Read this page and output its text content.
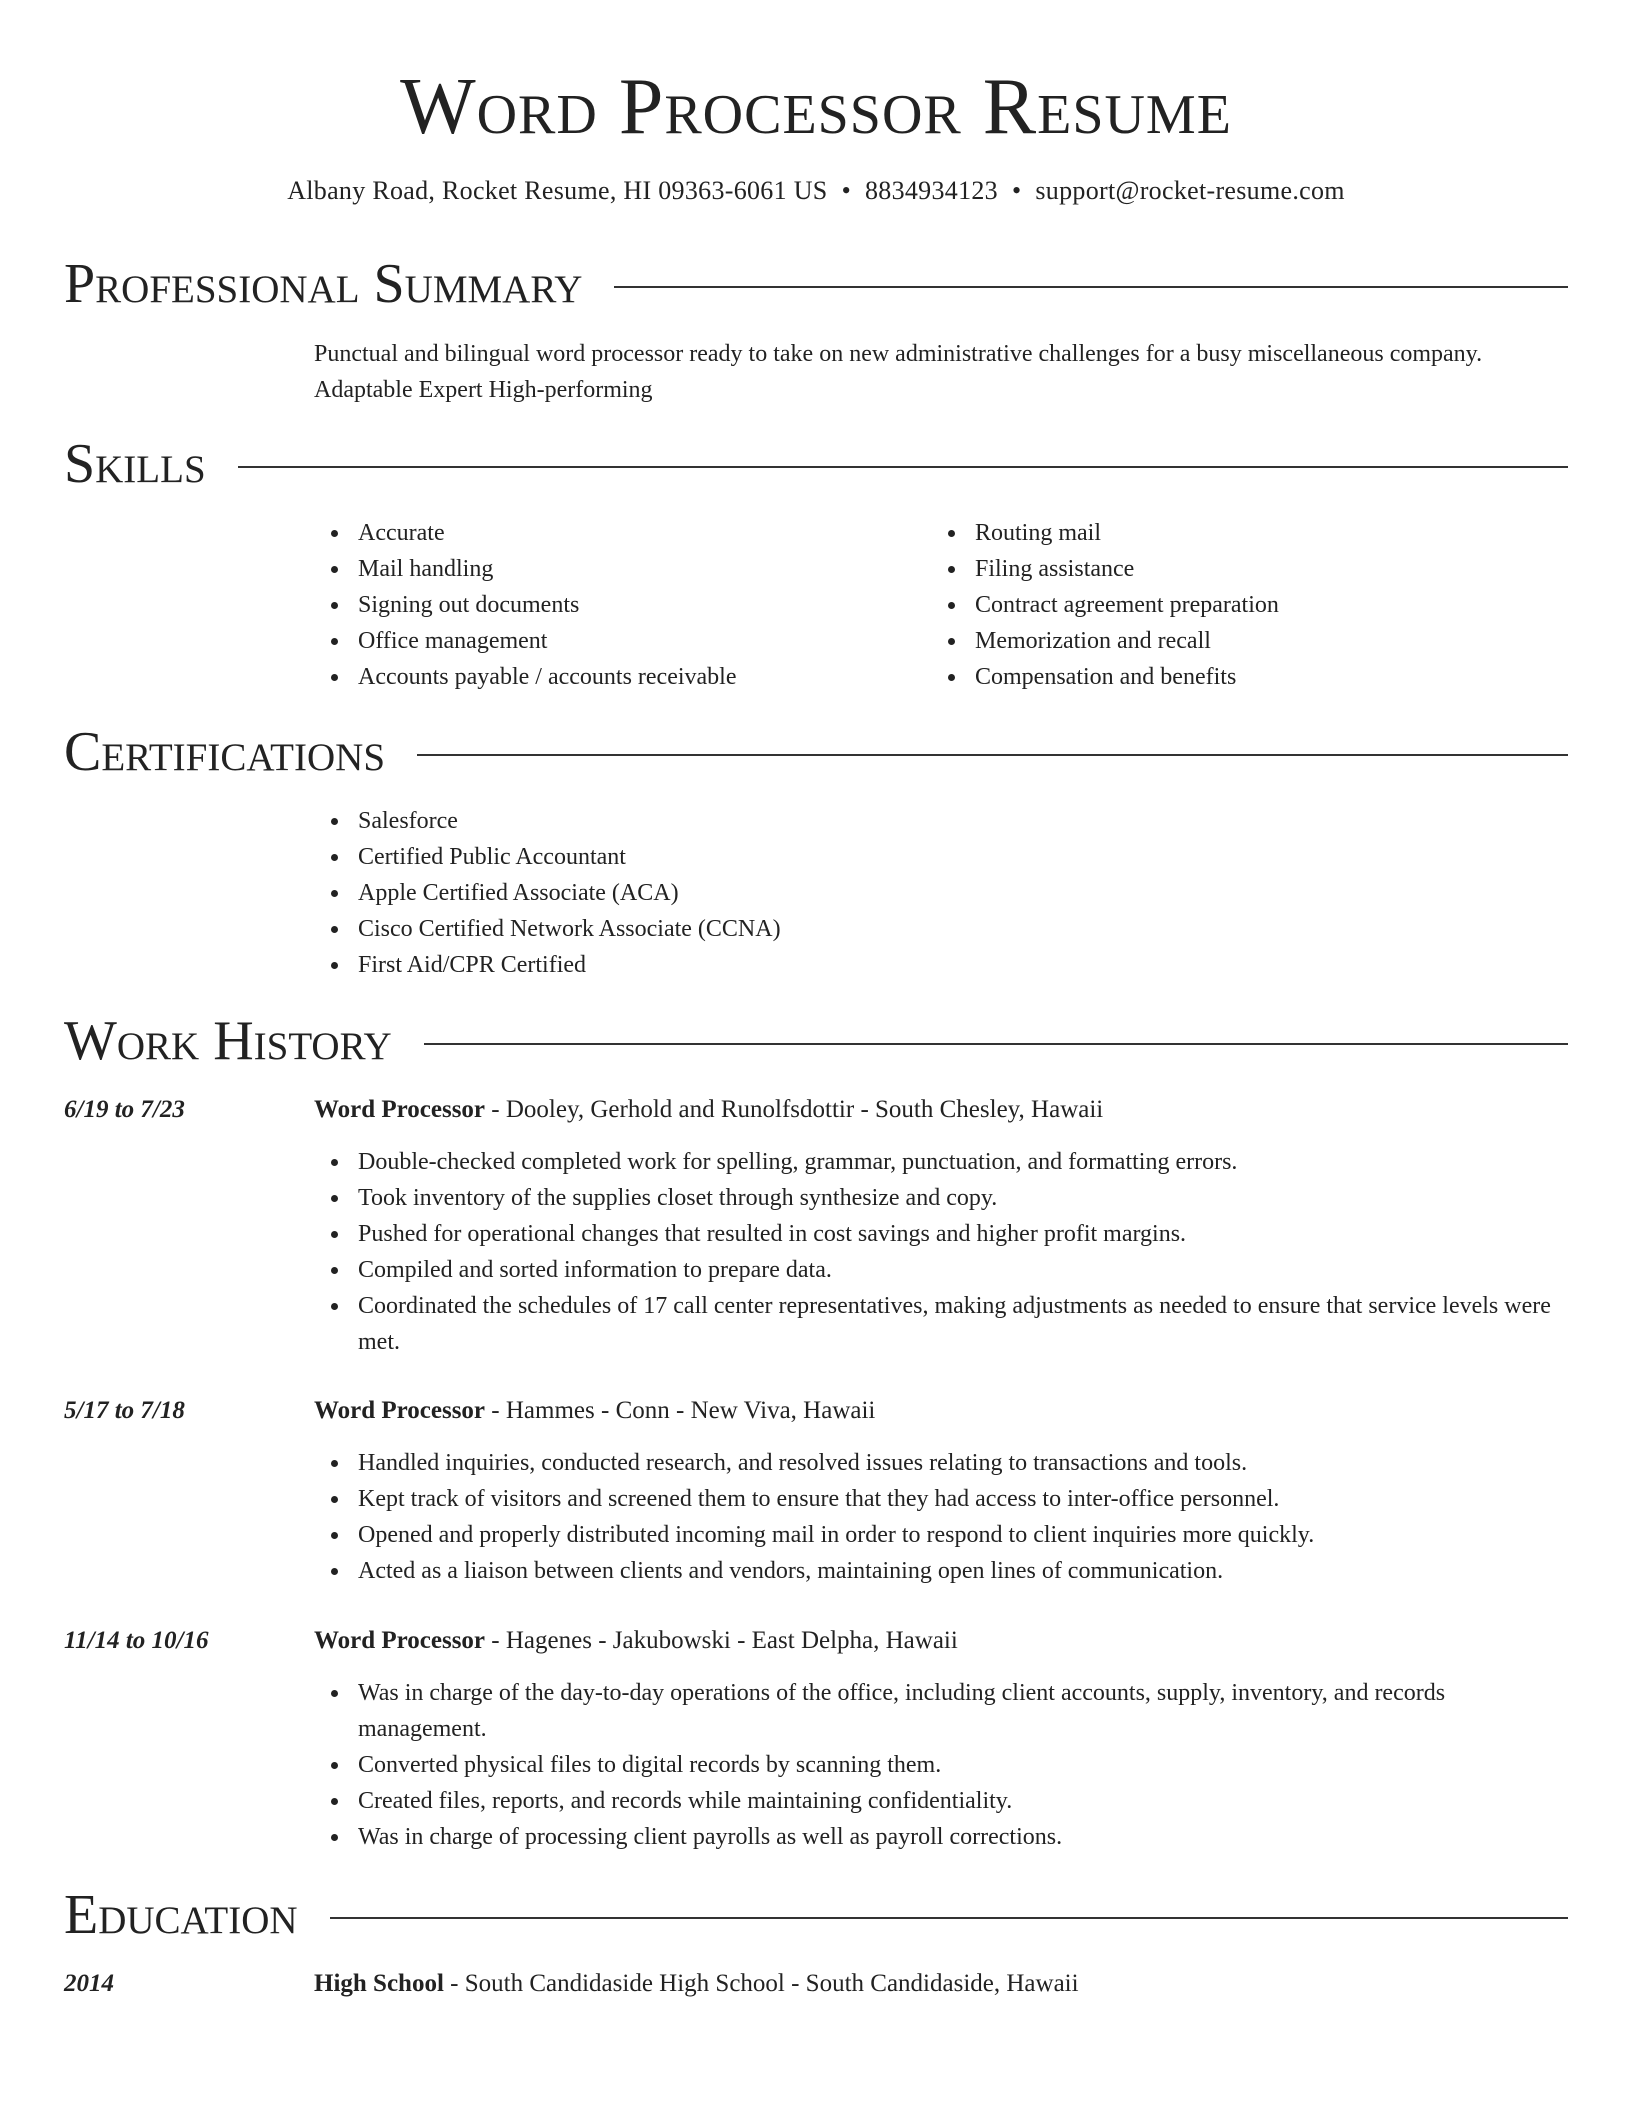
Word Processor Resume
Albany Road, Rocket Resume, HI 09363-6061 US • 8834934123 • support@rocket-resume.com
Professional Summary

Punctual and bilingual word processor ready to take on new administrative challenges for a busy miscellaneous company.

Adaptable Expert High-performing

Skills
Accurate
Mail handling
Signing out documents
Office management
Accounts payable / accounts receivable
Routing mail
Filing assistance
Contract agreement preparation
Memorization and recall
Compensation and benefits
Certifications
Salesforce
Certified Public Accountant
Apple Certified Associate (ACA)
Cisco Certified Network Associate (CCNA)
First Aid/CPR Certified
Work History
6/19 to 7/23	Word Processor - Dooley, Gerhold and Runolfsdottir - South Chesley, Hawaii
Double-checked completed work for spelling, grammar, punctuation, and formatting errors.
Took inventory of the supplies closet through synthesize and copy.
Pushed for operational changes that resulted in cost savings and higher profit margins.
Compiled and sorted information to prepare data.
Coordinated the schedules of 17 call center representatives, making adjustments as needed to ensure that service levels were met.
5/17 to 7/18	Word Processor - Hammes - Conn - New Viva, Hawaii
Handled inquiries, conducted research, and resolved issues relating to transactions and tools.
Kept track of visitors and screened them to ensure that they had access to inter-office personnel.
Opened and properly distributed incoming mail in order to respond to client inquiries more quickly.
Acted as a liaison between clients and vendors, maintaining open lines of communication.
11/14 to 10/16	Word Processor - Hagenes - Jakubowski - East Delpha, Hawaii
Was in charge of the day-to-day operations of the office, including client accounts, supply, inventory, and records management.
Converted physical files to digital records by scanning them.
Created files, reports, and records while maintaining confidentiality.
Was in charge of processing client payrolls as well as payroll corrections.
Education
2014	High School - South Candidaside High School - South Candidaside, Hawaii
